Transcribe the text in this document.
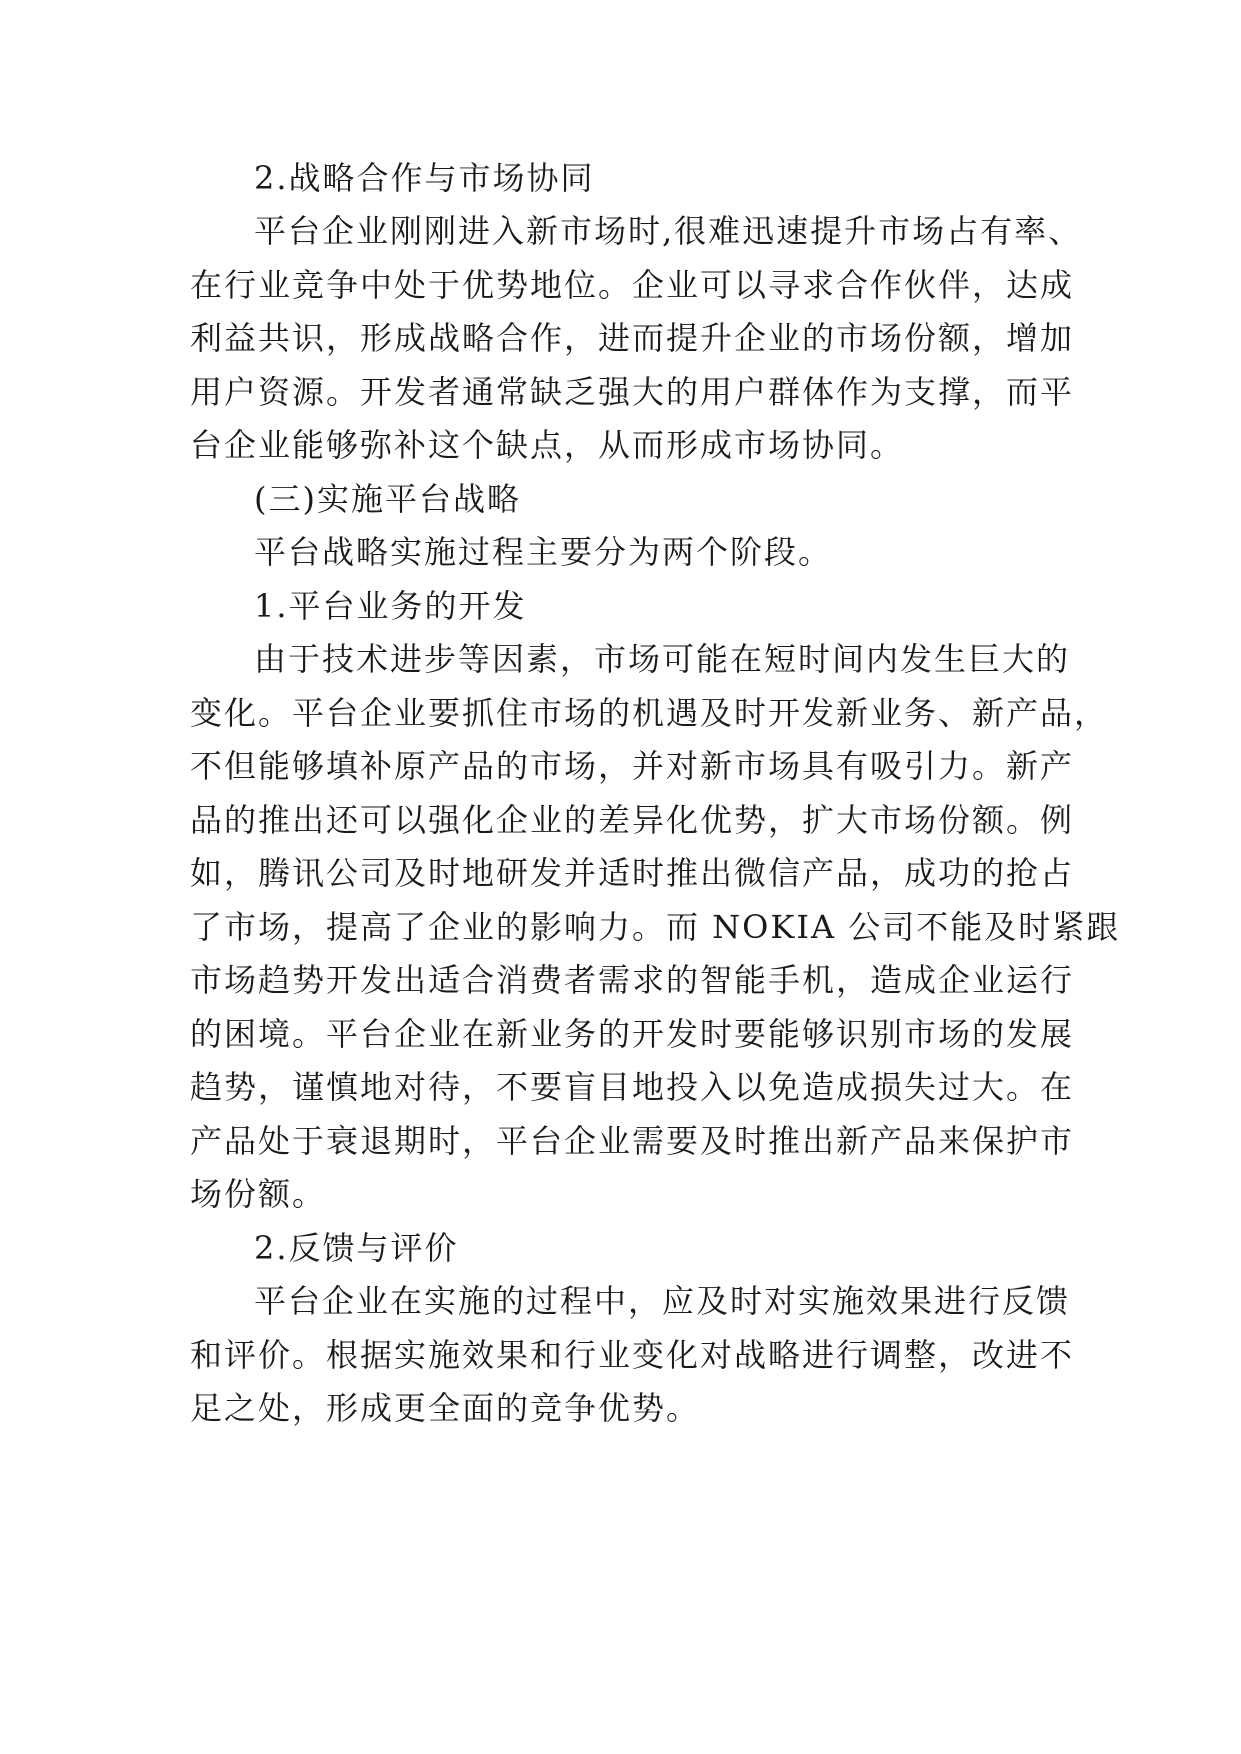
2.战略合作与市场协同
平台企业刚刚进入新市场时,很难迅速提升市场占有率、
在行业竞争中处于优势地位。企业可以寻求合作伙伴，达成
利益共识，形成战略合作，进而提升企业的市场份额，增加
用户资源。开发者通常缺乏强大的用户群体作为支撑，而平
台企业能够弥补这个缺点，从而形成市场协同。
(三)实施平台战略
平台战略实施过程主要分为两个阶段。
1.平台业务的开发
由于技术进步等因素，市场可能在短时间内发生巨大的
变化。平台企业要抓住市场的机遇及时开发新业务、新产品，
不但能够填补原产品的市场，并对新市场具有吸引力。新产
品的推出还可以强化企业的差异化优势，扩大市场份额。例
如，腾讯公司及时地研发并适时推出微信产品，成功的抢占
了市场，提高了企业的影响力。而 NOKIA 公司不能及时紧跟
市场趋势开发出适合消费者需求的智能手机，造成企业运行
的困境。平台企业在新业务的开发时要能够识别市场的发展
趋势，谨慎地对待，不要盲目地投入以免造成损失过大。在
产品处于衰退期时，平台企业需要及时推出新产品来保护市
场份额。
2.反馈与评价
平台企业在实施的过程中，应及时对实施效果进行反馈
和评价。根据实施效果和行业变化对战略进行调整，改进不
足之处，形成更全面的竞争优势。
